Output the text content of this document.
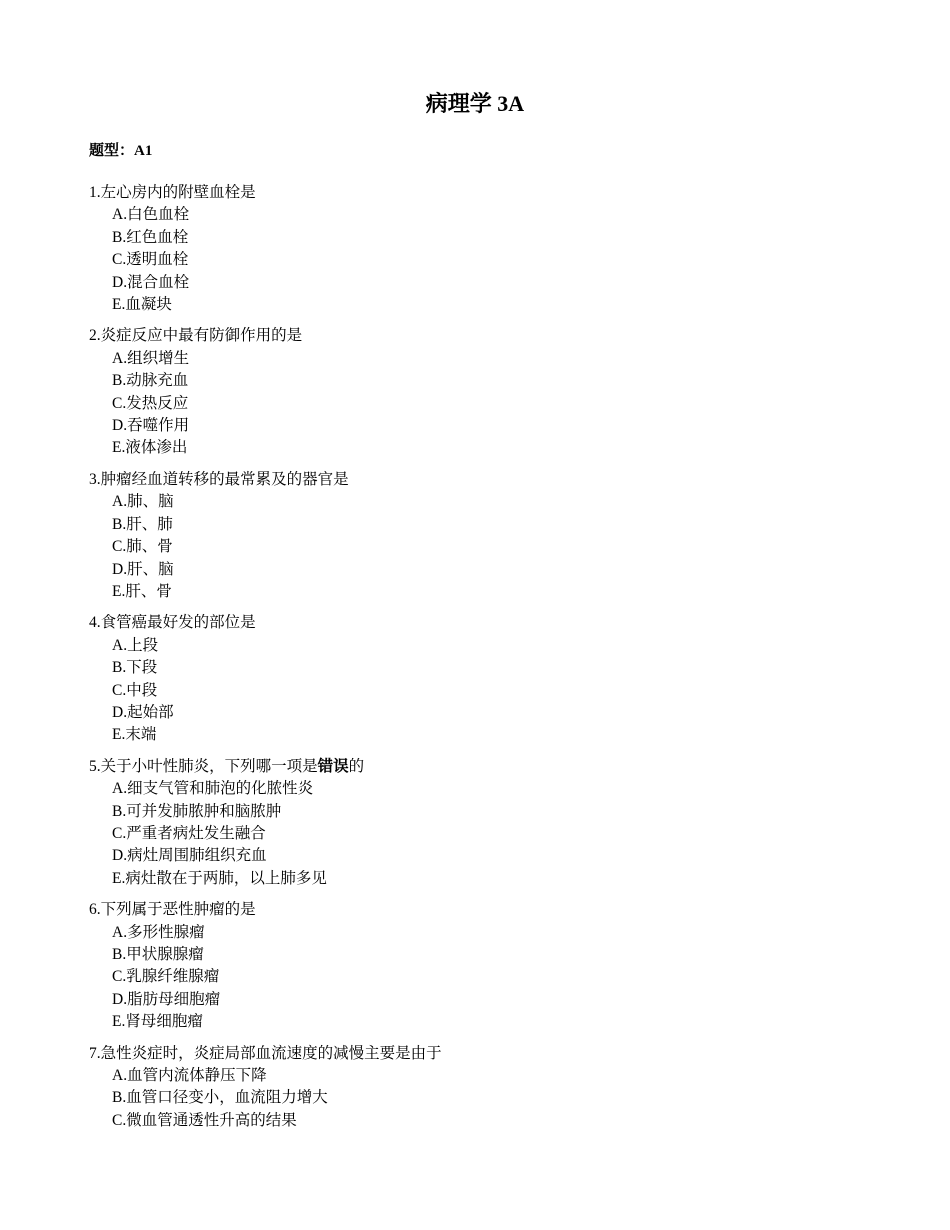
病理学 3A
题型：A1
1.左心房内的附壁血栓是
A.白色血栓
B.红色血栓
C.透明血栓
D.混合血栓
E.血凝块
2.炎症反应中最有防御作用的是
A.组织增生
B.动脉充血
C.发热反应
D.吞噬作用
E.液体渗出
3.肿瘤经血道转移的最常累及的器官是
A.肺、脑
B.肝、肺
C.肺、骨
D.肝、脑
E.肝、骨
4.食管癌最好发的部位是
A.上段
B.下段
C.中段
D.起始部
E.末端
5.关于小叶性肺炎，下列哪一项是错误的
A.细支气管和肺泡的化脓性炎
B.可并发肺脓肿和脑脓肿
C.严重者病灶发生融合
D.病灶周围肺组织充血
E.病灶散在于两肺，以上肺多见
6.下列属于恶性肿瘤的是
A.多形性腺瘤
B.甲状腺腺瘤
C.乳腺纤维腺瘤
D.脂肪母细胞瘤
E.肾母细胞瘤
7.急性炎症时，炎症局部血流速度的减慢主要是由于
A.血管内流体静压下降
B.血管口径变小，血流阻力增大
C.微血管通透性升高的结果
